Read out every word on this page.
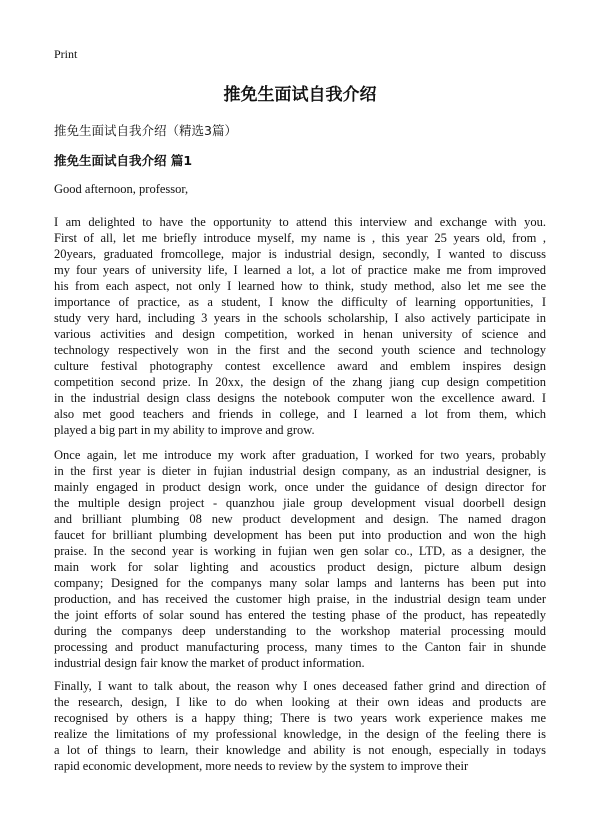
Print
推免生面试自我介绍
推免生面试自我介绍（精选3篇）
推免生面试自我介绍 篇1
Good afternoon, professor,

I am delighted to have the opportunity to attend this interview and exchange with you.
First of all, let me briefly introduce myself, my name is , this year 25 years old, from ,
20years, graduated fromcollege, major is industrial design, secondly, I wanted to discuss
my four years of university life, I learned a lot, a lot of practice make me from improved
his from each aspect, not only I learned how to think, study method, also let me see the
importance of practice, as a student, I know the difficulty of learning opportunities, I
study very hard, including 3 years in the schools scholarship, I also actively participate in
various activities and design competition, worked in henan university of science and
technology respectively won in the first and the second youth science and technology
culture festival photography contest excellence award and emblem inspires design
competition second prize. In 20xx, the design of the zhang jiang cup design competition
in the industrial design class designs the notebook computer won the excellence award. I
also met good teachers and friends in college, and I learned a lot from them, which
played a big part in my ability to improve and grow.

Once again, let me introduce my work after graduation, I worked for two years, probably
in the first year is dieter in fujian industrial design company, as an industrial designer, is
mainly engaged in product design work, once under the guidance of design director for
the multiple design project - quanzhou jiale group development visual doorbell design
and brilliant plumbing 08 new product development and design. The named dragon
faucet for brilliant plumbing development has been put into production and won the high
praise. In the second year is working in fujian wen gen solar co., LTD, as a designer, the
main work for solar lighting and acoustics product design, picture album design
company; Designed for the companys many solar lamps and lanterns has been put into
production, and has received the customer high praise, in the industrial design team under
the joint efforts of solar sound has entered the testing phase of the product, has repeatedly
during the companys deep understanding to the workshop material processing mould
processing and product manufacturing process, many times to the Canton fair in shunde
industrial design fair know the market of product information.

Finally, I want to talk about, the reason why I ones deceased father grind and direction of
the research, design, I like to do when looking at their own ideas and products are
recognised by others is a happy thing; There is two years work experience makes me
realize the limitations of my professional knowledge, in the design of the feeling there is
a lot of things to learn, their knowledge and ability is not enough, especially in todays
rapid economic development, more needs to review by the system to improve their
